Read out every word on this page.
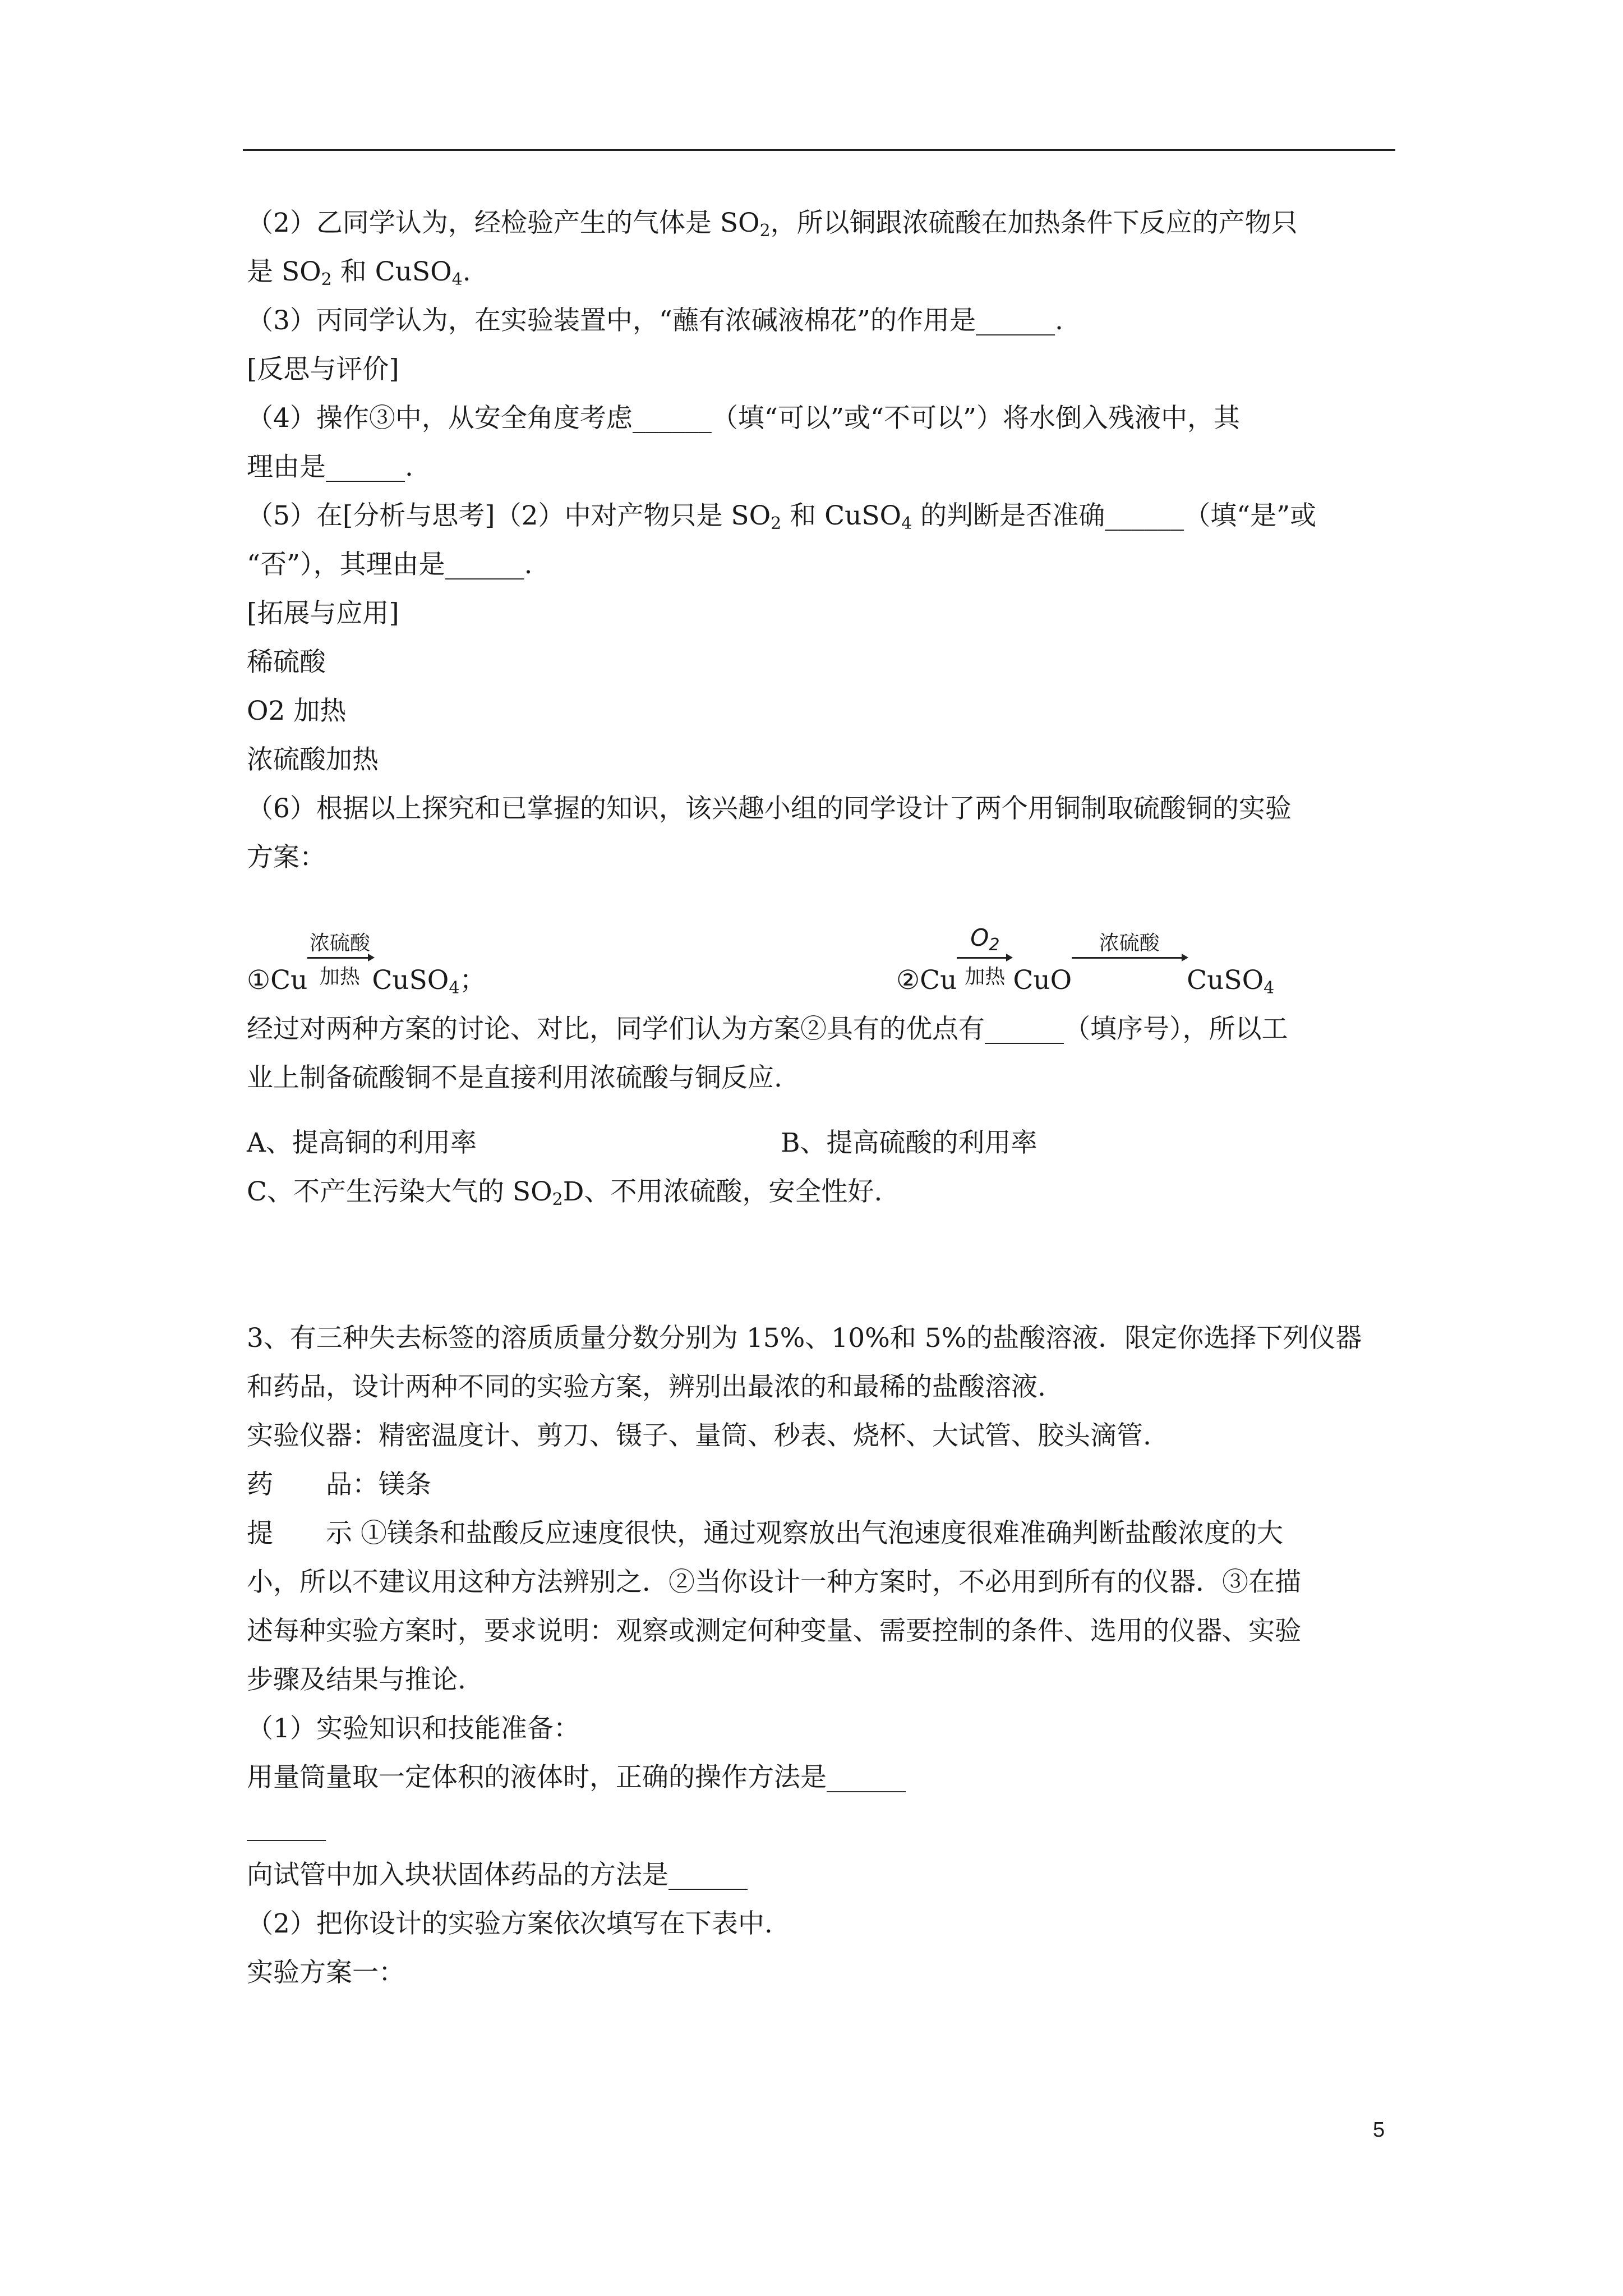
（2）乙同学认为，经检验产生的气体是 $SO_2$，所以铜跟浓硫酸在加热条件下反应的产物只
是 $SO_2$ 和 CuSO$_4$.
（3）丙同学认为，在实验装置中，“蘸有浓碱液棉花”的作用是______.
[反思与评价]
（4）操作③中，从安全角度考虑______（填“可以”或“不可以”）将水倒入残液中，其
理由是______.
（5）在[分析与思考]（2）中对产物只是 $SO_2$ 和 CuSO$_4$ 的判断是否准确______（填“是”或
“否”），其理由是______.
[拓展与应用]
稀硫酸
O2 加热
浓硫酸加热
（6）根据以上探究和已掌握的知识，该兴趣小组的同学设计了两个用铜制取硫酸铜的实验
方案：
经过对两种方案的讨论、对比，同学们认为方案②具有的优点有______（填序号），所以工
业上制备硫酸铜不是直接利用浓硫酸与铜反应.
C、不产生污染大气的 $SO_2D$、不用浓硫酸，安全性好.
3、有三种失去标签的溶质质量分数分别为 15%、10%和 5%的盐酸溶液．限定你选择下列仪器
和药品，设计两种不同的实验方案，辨别出最浓的和最稀的盐酸溶液.
实验仪器：精密温度计、剪刀、镊子、量筒、秒表、烧杯、大试管、胶头滴管.
药　　品：镁条
提　　示 ①镁条和盐酸反应速度很快，通过观察放出气泡速度很难准确判断盐酸浓度的大
小，所以不建议用这种方法辨别之．②当你设计一种方案时，不必用到所有的仪器．③在描
述每种实验方案时，要求说明：观察或测定何种变量、需要控制的条件、选用的仪器、实验
步骤及结果与推论.
（1）实验知识和技能准备：
用量筒量取一定体积的液体时，正确的操作方法是______
______
向试管中加入块状固体药品的方法是______
（2）把你设计的实验方案依次填写在下表中.
实验方案一：
①Cu
浓硫酸
加热 CuSO$_4$；	②Cu
$O_2$
加热 CuO
浓硫酸
CuSO$_4$
A、提高铜的利用率	B、提高硫酸的利用率
5
